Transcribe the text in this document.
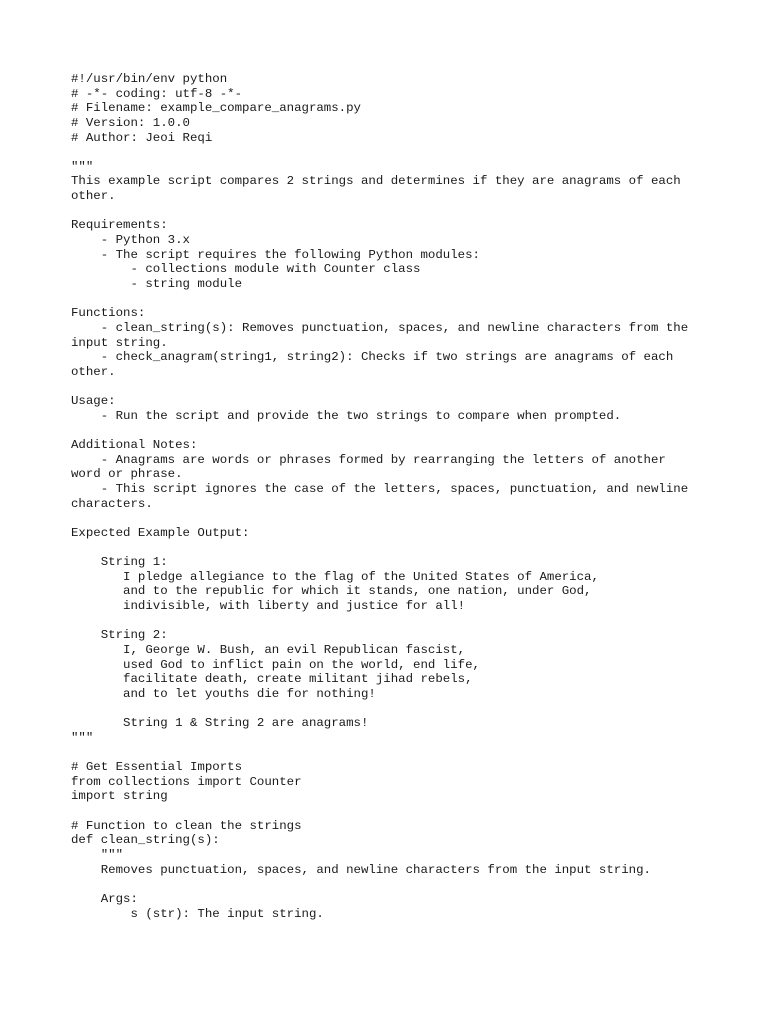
#!/usr/bin/env python
# -*- coding: utf-8 -*-
# Filename: example_compare_anagrams.py
# Version: 1.0.0
# Author: Jeoi Reqi
"""
This example script compares 2 strings and determines if they are anagrams of each
other.
Requirements:
- Python 3.x
- The script requires the following Python modules:
- collections module with Counter class
- string module
Functions:
- clean_string(s): Removes punctuation, spaces, and newline characters from the
input string.
- check_anagram(string1, string2): Checks if two strings are anagrams of each
other.
Usage:
- Run the script and provide the two strings to compare when prompted.
Additional Notes:
- Anagrams are words or phrases formed by rearranging the letters of another
word or phrase.
- This script ignores the case of the letters, spaces, punctuation, and newline
characters.
Expected Example Output:
String 1:
I pledge allegiance to the flag of the United States of America,
and to the republic for which it stands, one nation, under God,
indivisible, with liberty and justice for all!
String 2:
I, George W. Bush, an evil Republican fascist,
used God to inflict pain on the world, end life,
facilitate death, create militant jihad rebels,
and to let youths die for nothing!
String 1 & String 2 are anagrams!
"""
# Get Essential Imports
from collections import Counter
import string
# Function to clean the strings
def clean_string(s):
"""
Removes punctuation, spaces, and newline characters from the input string.
Args:
s (str): The input string.
